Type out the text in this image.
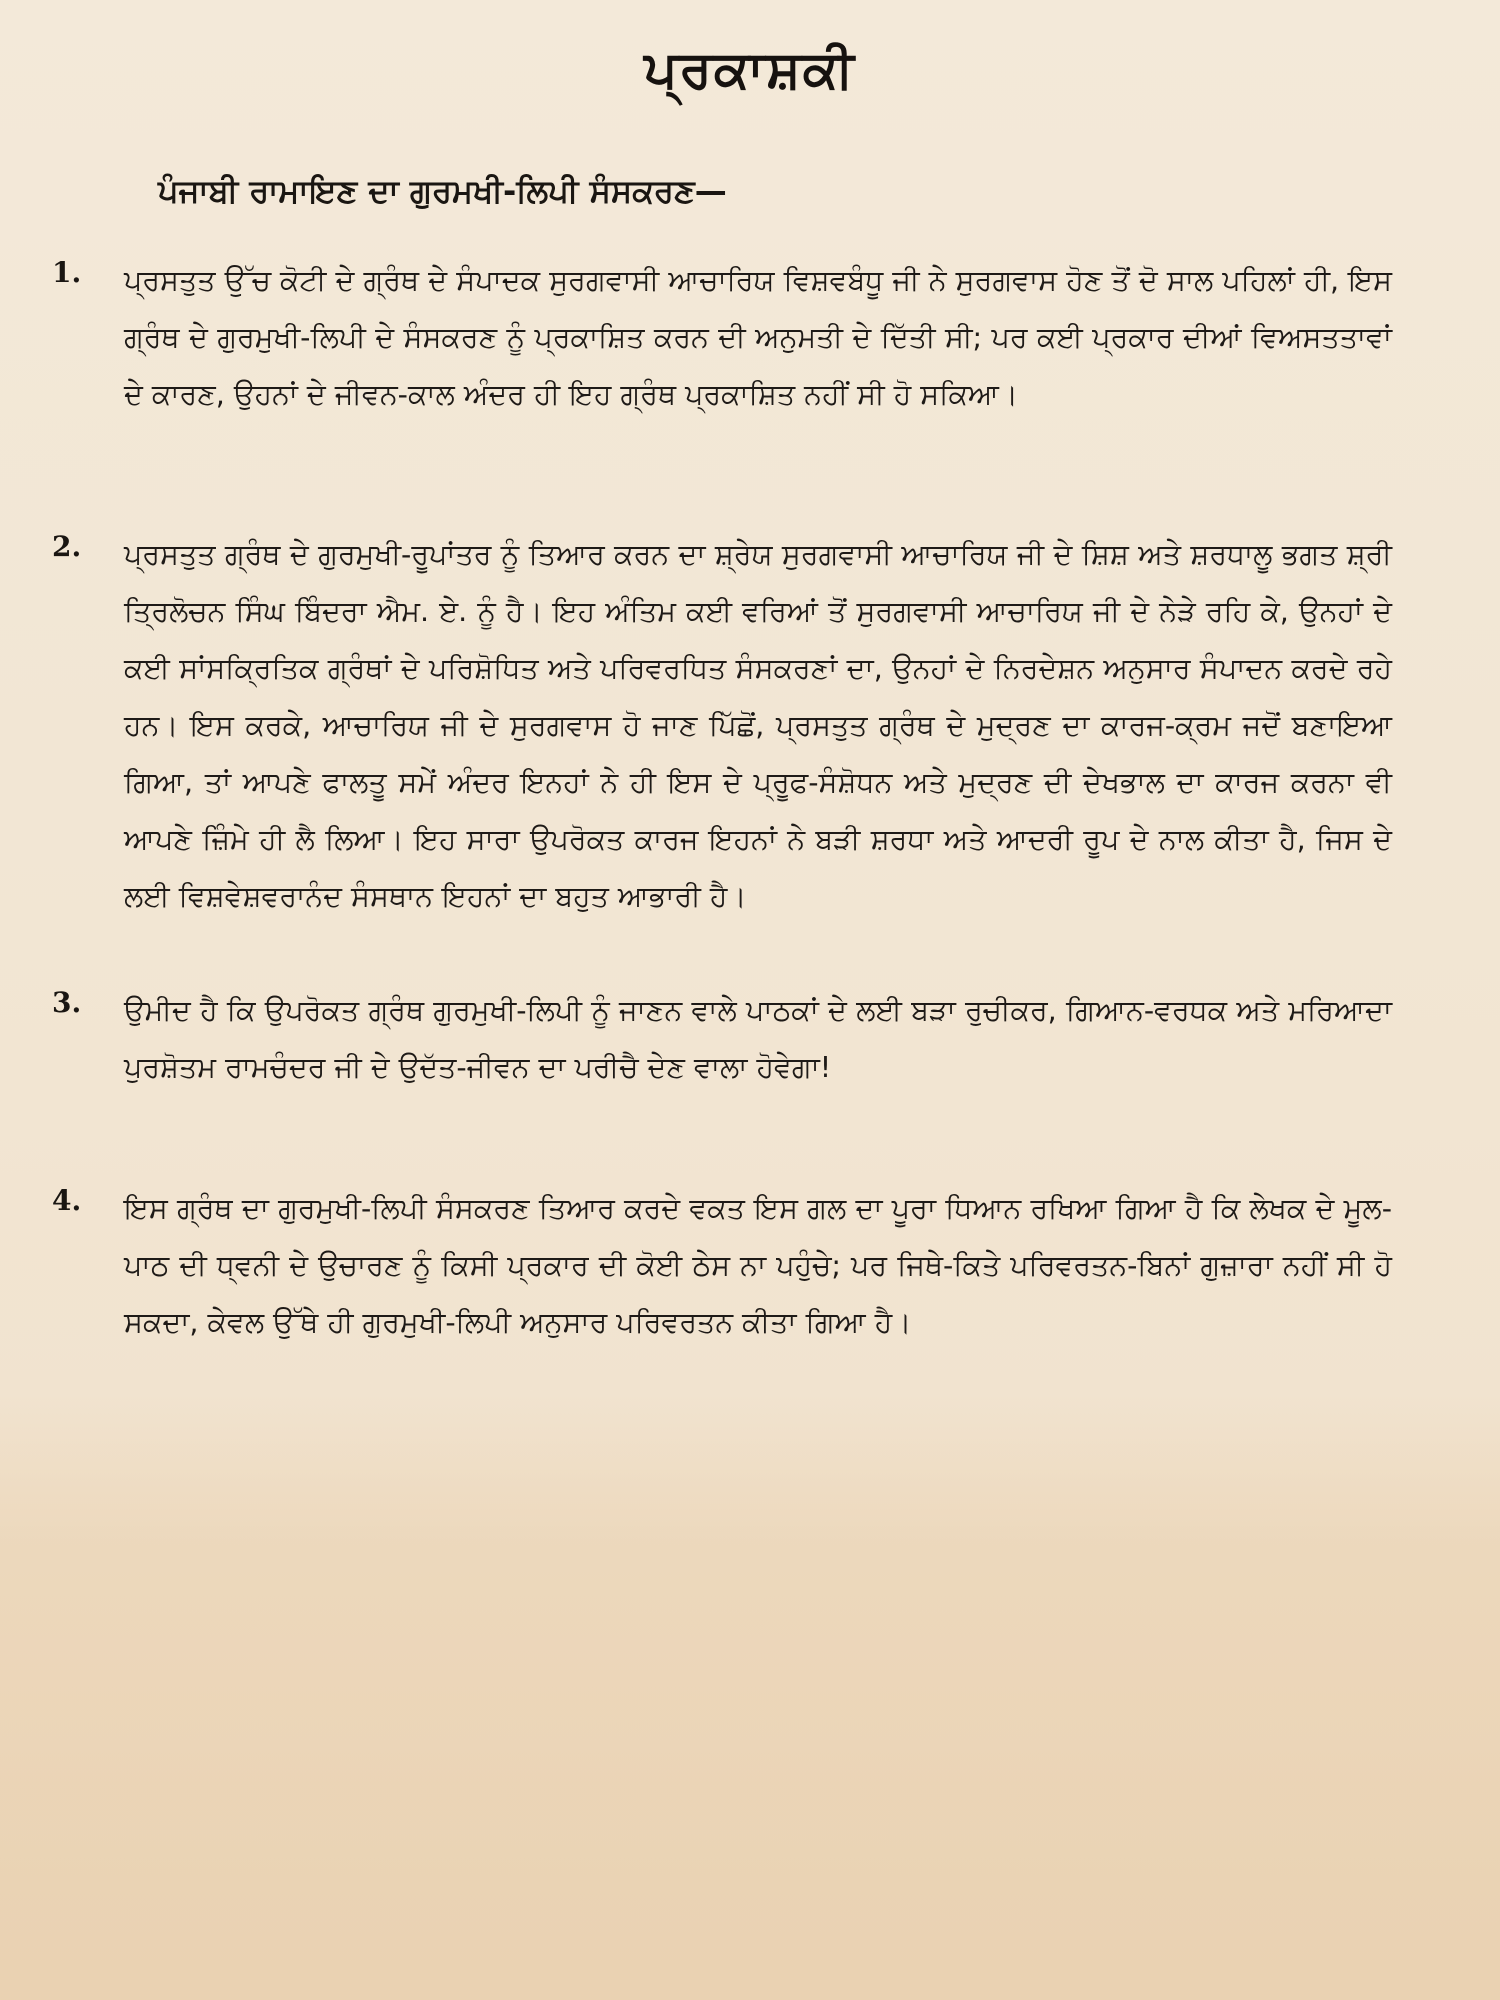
ਪ੍ਰਕਾਸ਼ਕੀ
ਪੰਜਾਬੀ ਰਾਮਾਇਣ ਦਾ ਗੁਰਮਖੀ-ਲਿਪੀ ਸੰਸਕਰਣ—
1.	ਪ੍ਰਸਤੁਤ ਉੱਚ ਕੋਟੀ ਦੇ ਗ੍ਰੰਥ ਦੇ ਸੰਪਾਦਕ ਸੁਰਗਵਾਸੀ ਆਚਾਰਿਯ ਵਿਸ਼ਵਬੰਧੂ ਜੀ ਨੇ ਸੁਰਗਵਾਸ ਹੋਣ ਤੋਂ ਦੋ ਸਾਲ ਪਹਿਲਾਂ ਹੀ, ਇਸ ਗ੍ਰੰਥ ਦੇ ਗੁਰਮੁਖੀ-ਲਿਪੀ ਦੇ ਸੰਸਕਰਣ ਨੂੰ ਪ੍ਰਕਾਸ਼ਿਤ ਕਰਨ ਦੀ ਅਨੁਮਤੀ ਦੇ ਦਿੱਤੀ ਸੀ; ਪਰ ਕਈ ਪ੍ਰਕਾਰ ਦੀਆਂ ਵਿਅਸਤਤਾਵਾਂ ਦੇ ਕਾਰਣ, ਉਹਨਾਂ ਦੇ ਜੀਵਨ-ਕਾਲ ਅੰਦਰ ਹੀ ਇਹ ਗ੍ਰੰਥ ਪ੍ਰਕਾਸ਼ਿਤ ਨਹੀਂ ਸੀ ਹੋ ਸਕਿਆ।
2.	ਪ੍ਰਸਤੁਤ ਗ੍ਰੰਥ ਦੇ ਗੁਰਮੁਖੀ-ਰੂਪਾਂਤਰ ਨੂੰ ਤਿਆਰ ਕਰਨ ਦਾ ਸ਼੍ਰੇਯ ਸੁਰਗਵਾਸੀ ਆਚਾਰਿਯ ਜੀ ਦੇ ਸ਼ਿਸ਼ ਅਤੇ ਸ਼ਰਧਾਲੂ ਭਗਤ ਸ਼੍ਰੀ ਤ੍ਰਿਲੋਚਨ ਸਿੰਘ ਬਿੰਦਰਾ ਐਮ. ਏ. ਨੂੰ ਹੈ। ਇਹ ਅੰਤਿਮ ਕਈ ਵਰਿਆਂ ਤੋਂ ਸੁਰਗਵਾਸੀ ਆਚਾਰਿਯ ਜੀ ਦੇ ਨੇੜੇ ਰਹਿ ਕੇ, ਉਨਹਾਂ ਦੇ ਕਈ ਸਾਂਸਕ੍ਰਿਤਿਕ ਗ੍ਰੰਥਾਂ ਦੇ ਪਰਿਸ਼ੋਧਿਤ ਅਤੇ ਪਰਿਵਰਧਿਤ ਸੰਸਕਰਣਾਂ ਦਾ, ਉਨਹਾਂ ਦੇ ਨਿਰਦੇਸ਼ਨ ਅਨੁਸਾਰ ਸੰਪਾਦਨ ਕਰਦੇ ਰਹੇ ਹਨ। ਇਸ ਕਰਕੇ, ਆਚਾਰਿਯ ਜੀ ਦੇ ਸੁਰਗਵਾਸ ਹੋ ਜਾਣ ਪਿੱਛੋਂ, ਪ੍ਰਸਤੁਤ ਗ੍ਰੰਥ ਦੇ ਮੁਦ੍ਰਣ ਦਾ ਕਾਰਜ-ਕ੍ਰਮ ਜਦੋਂ ਬਣਾਇਆ ਗਿਆ, ਤਾਂ ਆਪਣੇ ਫਾਲਤੂ ਸਮੇਂ ਅੰਦਰ ਇਨਹਾਂ ਨੇ ਹੀ ਇਸ ਦੇ ਪ੍ਰੂਫ-ਸੰਸ਼ੋਧਨ ਅਤੇ ਮੁਦ੍ਰਣ ਦੀ ਦੇਖਭਾਲ ਦਾ ਕਾਰਜ ਕਰਨਾ ਵੀ ਆਪਣੇ ਜ਼ਿੰਮੇ ਹੀ ਲੈ ਲਿਆ। ਇਹ ਸਾਰਾ ਉਪਰੋਕਤ ਕਾਰਜ ਇਹਨਾਂ ਨੇ ਬੜੀ ਸ਼ਰਧਾ ਅਤੇ ਆਦਰੀ ਰੂਪ ਦੇ ਨਾਲ ਕੀਤਾ ਹੈ, ਜਿਸ ਦੇ ਲਈ ਵਿਸ਼ਵੇਸ਼ਵਰਾਨੰਦ ਸੰਸਥਾਨ ਇਹਨਾਂ ਦਾ ਬਹੁਤ ਆਭਾਰੀ ਹੈ।
3.	ਉਮੀਦ ਹੈ ਕਿ ਉਪਰੋਕਤ ਗ੍ਰੰਥ ਗੁਰਮੁਖੀ-ਲਿਪੀ ਨੂੰ ਜਾਣਨ ਵਾਲੇ ਪਾਠਕਾਂ ਦੇ ਲਈ ਬੜਾ ਰੁਚੀਕਰ, ਗਿਆਨ-ਵਰਧਕ ਅਤੇ ਮਰਿਆਦਾ ਪੁਰਸ਼ੋਤਮ ਰਾਮਚੰਦਰ ਜੀ ਦੇ ਉਦੱਤ-ਜੀਵਨ ਦਾ ਪਰੀਚੈ ਦੇਣ ਵਾਲਾ ਹੋਵੇਗਾ!
4.	ਇਸ ਗ੍ਰੰਥ ਦਾ ਗੁਰਮੁਖੀ-ਲਿਪੀ ਸੰਸਕਰਣ ਤਿਆਰ ਕਰਦੇ ਵਕਤ ਇਸ ਗਲ ਦਾ ਪੂਰਾ ਧਿਆਨ ਰਖਿਆ ਗਿਆ ਹੈ ਕਿ ਲੇਖਕ ਦੇ ਮੂਲ-ਪਾਠ ਦੀ ਧ੍ਵਨੀ ਦੇ ਉਚਾਰਣ ਨੂੰ ਕਿਸੀ ਪ੍ਰਕਾਰ ਦੀ ਕੋਈ ਠੇਸ ਨਾ ਪਹੁੰਚੇ; ਪਰ ਜਿਥੇ-ਕਿਤੇ ਪਰਿਵਰਤਨ-ਬਿਨਾਂ ਗੁਜ਼ਾਰਾ ਨਹੀਂ ਸੀ ਹੋ ਸਕਦਾ, ਕੇਵਲ ਉੱਥੇ ਹੀ ਗੁਰਮੁਖੀ-ਲਿਪੀ ਅਨੁਸਾਰ ਪਰਿਵਰਤਨ ਕੀਤਾ ਗਿਆ ਹੈ।
